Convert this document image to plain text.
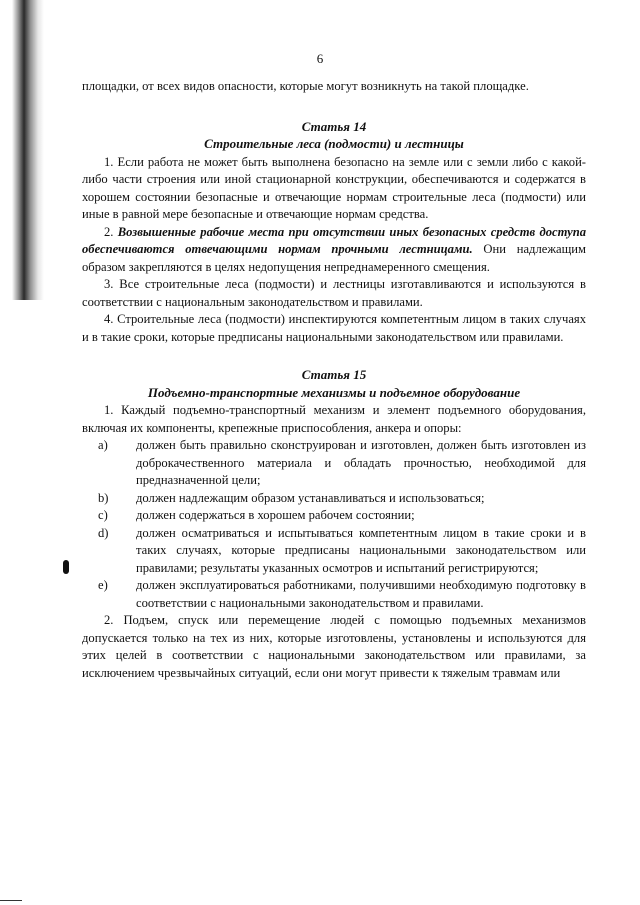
6

площадки, от всех видов опасности, которые могут возникнуть на такой площадке.

Статья 14

Строительные леса (подмости) и лестницы

1. Если работа не может быть выполнена безопасно на земле или с земли либо с какой-либо части строения или иной стационарной конструкции, обеспечиваются и содержатся в хорошем состоянии безопасные и отвечающие нормам строительные леса (подмости) или иные в равной мере безопасные и отвечающие нормам средства.

2. Возвышенные рабочие места при отсутствии иных безопасных средств доступа обеспечиваются отвечающими нормам прочными лестницами. Они надлежащим образом закрепляются в целях недопущения непреднамеренного смещения.

3. Все строительные леса (подмости) и лестницы изготавливаются и используются в соответствии с национальным законодательством и правилами.

4. Строительные леса (подмости) инспектируются компетентным лицом в таких случаях и в такие сроки, которые предписаны национальными законодательством или правилами.

Статья 15

Подъемно-транспортные механизмы и подъемное оборудование

1. Каждый подъемно-транспортный механизм и элемент подъемного оборудования, включая их компоненты, крепежные приспособления, анкера и опоры:

a)	должен быть правильно сконструирован и изготовлен, должен быть изготовлен из доброкачественного материала и обладать прочностью, необходимой для предназначенной цели;
b)	должен надлежащим образом устанавливаться и использоваться;
c)	должен содержаться в хорошем рабочем состоянии;
d)	должен осматриваться и испытываться компетентным лицом в такие сроки и в таких случаях, которые предписаны национальными законодательством или правилами; результаты указанных осмотров и испытаний регистрируются;
e)	должен эксплуатироваться работниками, получившими необходимую подготовку в соответствии с национальными законодательством и правилами.

2. Подъем, спуск или перемещение людей с помощью подъемных механизмов допускается только на тех из них, которые изготовлены, установлены и используются для этих целей в соответствии с национальными законодательством или правилами, за исключением чрезвычайных ситуаций, если они могут привести к тяжелым травмам или
